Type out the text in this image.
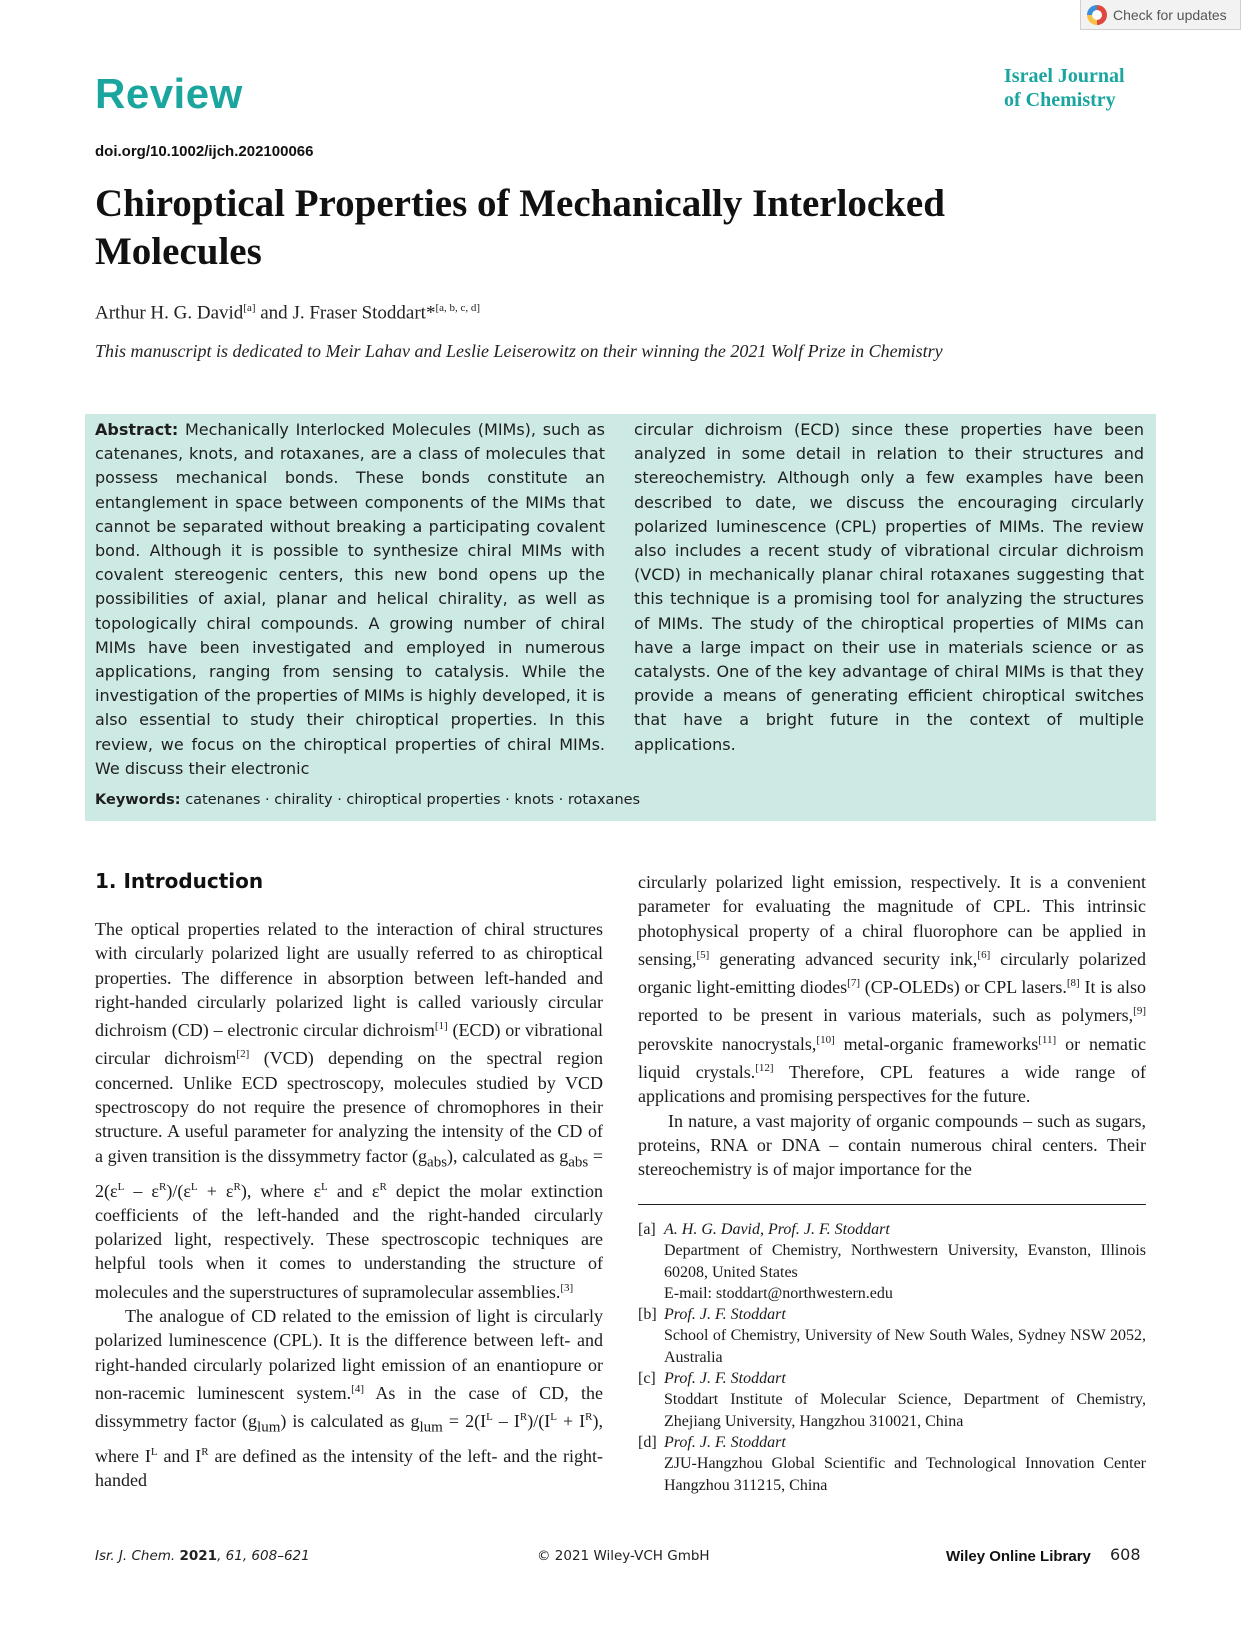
Check for updates
Review	Israel Journal
of Chemistry
doi.org/10.1002/ijch.202100066
Chiroptical Properties of Mechanically Interlocked Molecules
Arthur H. G. David[a] and J. Fraser Stoddart*[a, b, c, d]
This manuscript is dedicated to Meir Lahav and Leslie Leiserowitz on their winning the 2021 Wolf Prize in Chemistry
Abstract: Mechanically Interlocked Molecules (MIMs), such as catenanes, knots, and rotaxanes, are a class of molecules that possess mechanical bonds. These bonds constitute an entanglement in space between components of the MIMs that cannot be separated without breaking a participating covalent bond. Although it is possible to synthesize chiral MIMs with covalent stereogenic centers, this new bond opens up the possibilities of axial, planar and helical chirality, as well as topologically chiral compounds. A growing number of chiral MIMs have been investigated and employed in numerous applications, ranging from sensing to catalysis. While the investigation of the properties of MIMs is highly developed, it is also essential to study their chiroptical properties. In this review, we focus on the chiroptical properties of chiral MIMs. We discuss their electronic
circular dichroism (ECD) since these properties have been analyzed in some detail in relation to their structures and stereochemistry. Although only a few examples have been described to date, we discuss the encouraging circularly polarized luminescence (CPL) properties of MIMs. The review also includes a recent study of vibrational circular dichroism (VCD) in mechanically planar chiral rotaxanes suggesting that this technique is a promising tool for analyzing the structures of MIMs. The study of the chiroptical properties of MIMs can have a large impact on their use in materials science or as catalysts. One of the key advantage of chiral MIMs is that they provide a means of generating efficient chiroptical switches that have a bright future in the context of multiple applications.
Keywords: catenanes · chirality · chiroptical properties · knots · rotaxanes
1. Introduction

The optical properties related to the interaction of chiral structures with circularly polarized light are usually referred to as chiroptical properties. The difference in absorption between left-handed and right-handed circularly polarized light is called variously circular dichroism (CD) – electronic circular dichroism[1] (ECD) or vibrational circular dichroism[2] (VCD) depending on the spectral region concerned. Unlike ECD spectroscopy, molecules studied by VCD spectroscopy do not require the presence of chromophores in their structure. A useful parameter for analyzing the intensity of the CD of a given transition is the dissymmetry factor $(g_{abs})$, calculated as $g_{abs} = 2(\varepsilon^L - \varepsilon^R)/(\varepsilon^L + \varepsilon^R)$, where $\varepsilon^L$ and $\varepsilon^R$ depict the molar extinction coefficients of the left-handed and the right-handed circularly polarized light, respectively. These spectroscopic techniques are helpful tools when it comes to understanding the structure of molecules and the superstructures of supramolecular assemblies.[3]

The analogue of CD related to the emission of light is circularly polarized luminescence (CPL). It is the difference between left- and right-handed circularly polarized light emission of an enantiopure or non-racemic luminescent system.[4] As in the case of CD, the dissymmetry factor $(g_{lum})$ is calculated as $g_{lum} = 2(I^L - I^R)/(I^L + I^R)$, where $I^L$ and $I^R$ are defined as the intensity of the left- and the right-handed

circularly polarized light emission, respectively. It is a convenient parameter for evaluating the magnitude of CPL. This intrinsic photophysical property of a chiral fluorophore can be applied in sensing,[5] generating advanced security ink,[6] circularly polarized organic light-emitting diodes[7] (CP-OLEDs) or CPL lasers.[8] It is also reported to be present in various materials, such as polymers,[9] perovskite nanocrystals,[10] metal-organic frameworks[11] or nematic liquid crystals.[12] Therefore, CPL features a wide range of applications and promising perspectives for the future.

In nature, a vast majority of organic compounds – such as sugars, proteins, RNA or DNA – contain numerous chiral centers. Their stereochemistry is of major importance for the

[a] A. H. G. David, Prof. J. F. Stoddart
Department of Chemistry, Northwestern University, Evanston, Illinois 60208, United States
E-mail: stoddart@northwestern.edu
[b] Prof. J. F. Stoddart
School of Chemistry, University of New South Wales, Sydney NSW 2052, Australia
[c] Prof. J. F. Stoddart
Stoddart Institute of Molecular Science, Department of Chemistry, Zhejiang University, Hangzhou 310021, China
[d] Prof. J. F. Stoddart
ZJU-Hangzhou Global Scientific and Technological Innovation Center Hangzhou 311215, China
Isr. J. Chem. 2021, 61, 608–621	© 2021 Wiley-VCH GmbH	Wiley Online Library 608
